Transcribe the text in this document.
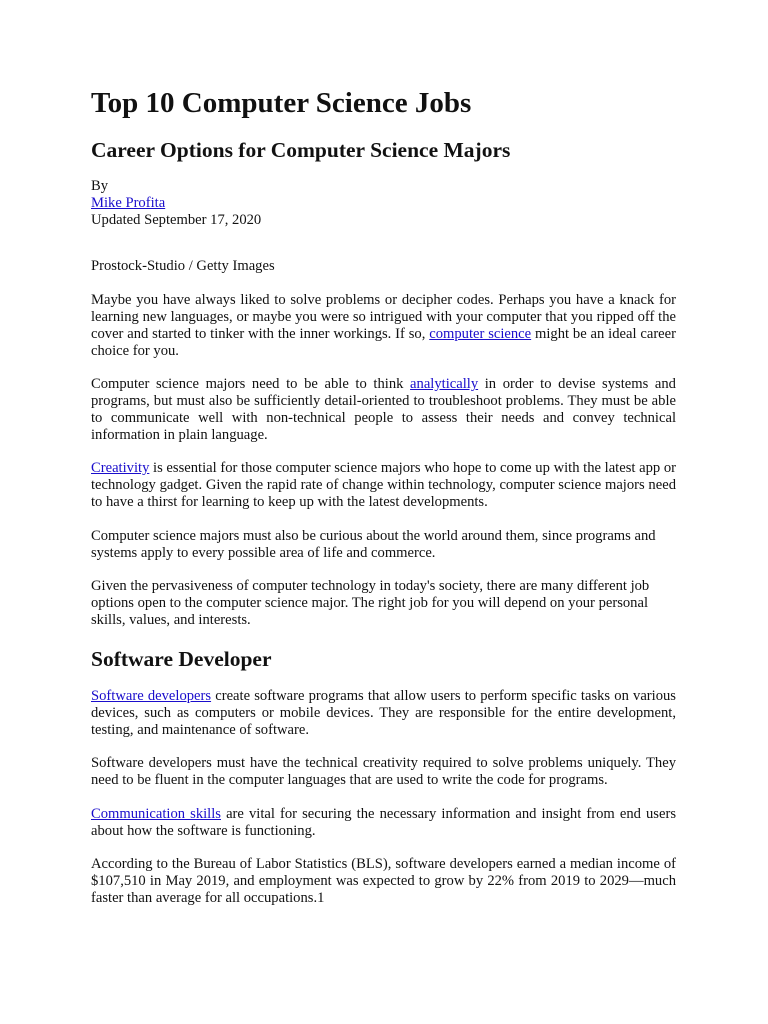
Top 10 Computer Science Jobs
Career Options for Computer Science Majors
By
Mike Profita
Updated September 17, 2020
Prostock-Studio / Getty Images

Maybe you have always liked to solve problems or decipher codes. Perhaps you have a knack for learning new languages, or maybe you were so intrigued with your computer that you ripped off the cover and started to tinker with the inner workings. If so, computer science might be an ideal career choice for you.

Computer science majors need to be able to think analytically in order to devise systems and programs, but must also be sufficiently detail-oriented to troubleshoot problems. They must be able to communicate well with non-technical people to assess their needs and convey technical information in plain language.

Creativity is essential for those computer science majors who hope to come up with the latest app or technology gadget. Given the rapid rate of change within technology, computer science majors need to have a thirst for learning to keep up with the latest developments.

Computer science majors must also be curious about the world around them, since programs and systems apply to every possible area of life and commerce.

Given the pervasiveness of computer technology in today's society, there are many different job options open to the computer science major. The right job for you will depend on your personal skills, values, and interests.

Software Developer

Software developers create software programs that allow users to perform specific tasks on various devices, such as computers or mobile devices. They are responsible for the entire development, testing, and maintenance of software.

Software developers must have the technical creativity required to solve problems uniquely. They need to be fluent in the computer languages that are used to write the code for programs.

Communication skills are vital for securing the necessary information and insight from end users about how the software is functioning.

According to the Bureau of Labor Statistics (BLS), software developers earned a median income of $107,510 in May 2019, and employment was expected to grow by 22% from 2019 to 2029—much faster than average for all occupations.1
